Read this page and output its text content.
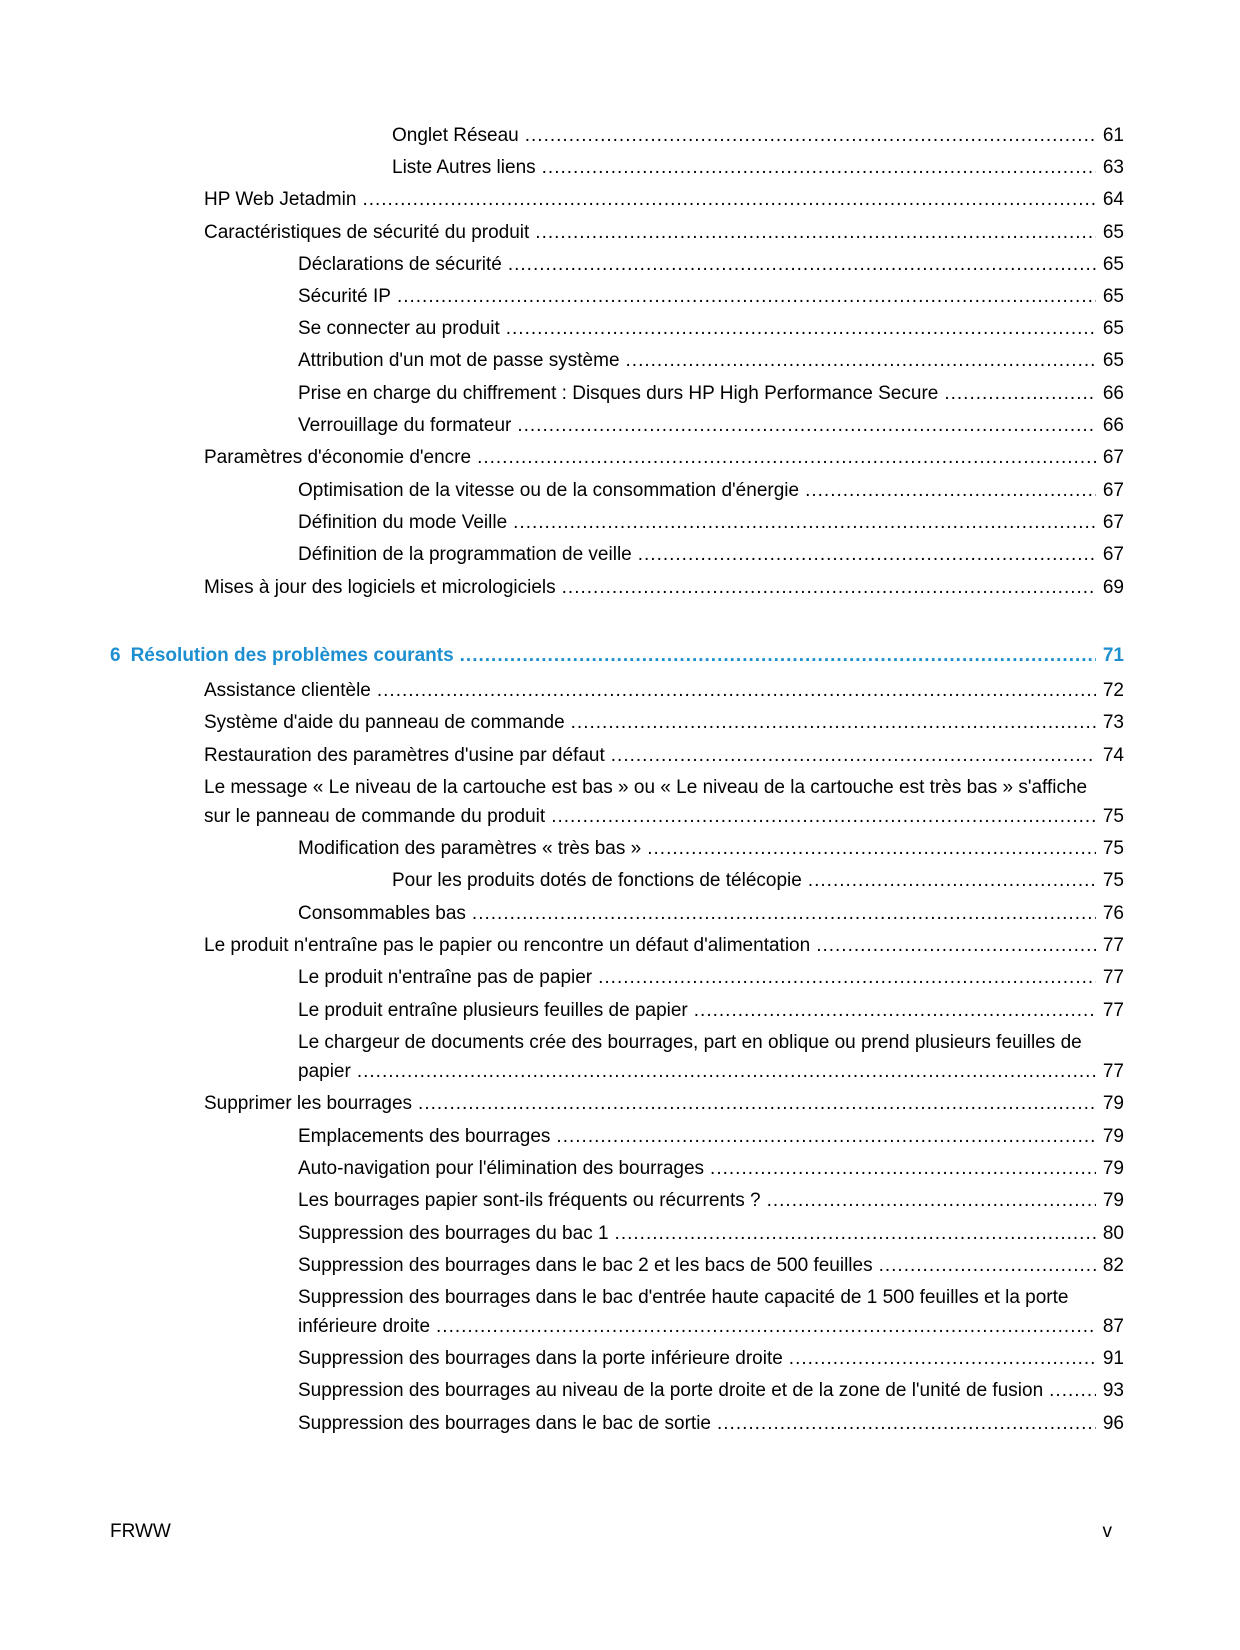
Onglet Réseau .....	61
Liste Autres liens .....	63
HP Web Jetadmin .....	64
Caractéristiques de sécurité du produit .....	65
Déclarations de sécurité .....	65
Sécurité IP .....	65
Se connecter au produit .....	65
Attribution d'un mot de passe système .....	65
Prise en charge du chiffrement : Disques durs HP High Performance Secure .....	66
Verrouillage du formateur .....	66
Paramètres d'économie d'encre .....	67
Optimisation de la vitesse ou de la consommation d'énergie .....	67
Définition du mode Veille .....	67
Définition de la programmation de veille .....	67
Mises à jour des logiciels et micrologiciels .....	69
6 Résolution des problèmes courants .....	71
Assistance clientèle .....	72
Système d'aide du panneau de commande .....	73
Restauration des paramètres d'usine par défaut .....	74
Le message « Le niveau de la cartouche est bas » ou « Le niveau de la cartouche est très bas » s'affiche
sur le panneau de commande du produit .....	75
Modification des paramètres « très bas » .....	75
Pour les produits dotés de fonctions de télécopie .....	75
Consommables bas .....	76
Le produit n'entraîne pas le papier ou rencontre un défaut d'alimentation .....	77
Le produit n'entraîne pas de papier .....	77
Le produit entraîne plusieurs feuilles de papier .....	77
Le chargeur de documents crée des bourrages, part en oblique ou prend plusieurs feuilles de
papier .....	77
Supprimer les bourrages .....	79
Emplacements des bourrages .....	79
Auto-navigation pour l'élimination des bourrages .....	79
Les bourrages papier sont-ils fréquents ou récurrents ? .....	79
Suppression des bourrages du bac 1 .....	80
Suppression des bourrages dans le bac 2 et les bacs de 500 feuilles .....	82
Suppression des bourrages dans le bac d'entrée haute capacité de 1 500 feuilles et la porte
inférieure droite .....	87
Suppression des bourrages dans la porte inférieure droite .....	91
Suppression des bourrages au niveau de la porte droite et de la zone de l'unité de fusion .....	93
Suppression des bourrages dans le bac de sortie .....	96
FRWW	v
